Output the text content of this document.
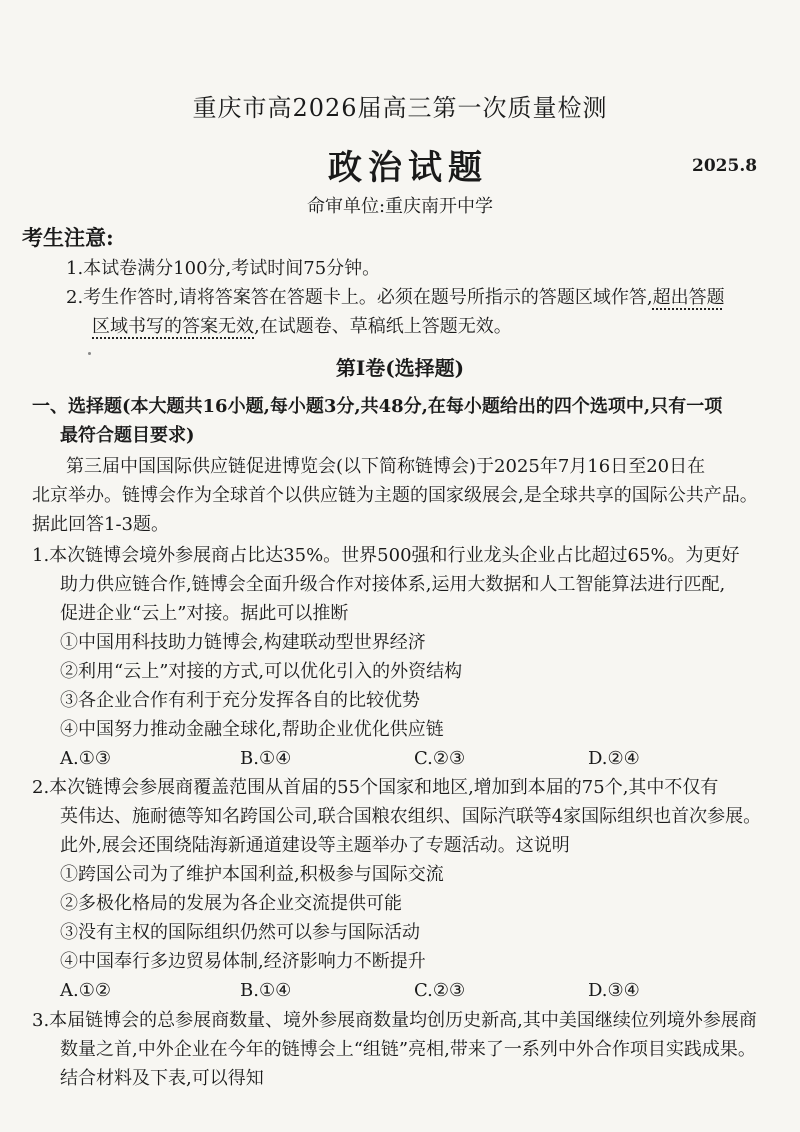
重庆市高2026届高三第一次质量检测
政治试题	2025.8
命审单位:重庆南开中学
考生注意:
1.本试卷满分100分,考试时间75分钟。
2.考生作答时,请将答案答在答题卡上。必须在题号所指示的答题区域作答,超出答题
区域书写的答案无效,在试题卷、草稿纸上答题无效。
第Ⅰ卷(选择题)
一、选择题(本大题共16小题,每小题3分,共48分,在每小题给出的四个选项中,只有一项
最符合题目要求)
第三届中国国际供应链促进博览会(以下简称链博会)于2025年7月16日至20日在
北京举办。链博会作为全球首个以供应链为主题的国家级展会,是全球共享的国际公共产品。
据此回答1-3题。
1.本次链博会境外参展商占比达35%。世界500强和行业龙头企业占比超过65%。为更好
助力供应链合作,链博会全面升级合作对接体系,运用大数据和人工智能算法进行匹配,
促进企业“云上”对接。据此可以推断
①中国用科技助力链博会,构建联动型世界经济
②利用“云上”对接的方式,可以优化引入的外资结构
③各企业合作有利于充分发挥各自的比较优势
④中国努力推动金融全球化,帮助企业优化供应链
A.①③	B.①④	C.②③	D.②④
2.本次链博会参展商覆盖范围从首届的55个国家和地区,增加到本届的75个,其中不仅有
英伟达、施耐德等知名跨国公司,联合国粮农组织、国际汽联等4家国际组织也首次参展。
此外,展会还围绕陆海新通道建设等主题举办了专题活动。这说明
①跨国公司为了维护本国利益,积极参与国际交流
②多极化格局的发展为各企业交流提供可能
③没有主权的国际组织仍然可以参与国际活动
④中国奉行多边贸易体制,经济影响力不断提升
A.①②	B.①④	C.②③	D.③④
3.本届链博会的总参展商数量、境外参展商数量均创历史新高,其中美国继续位列境外参展商
数量之首,中外企业在今年的链博会上“组链”亮相,带来了一系列中外合作项目实践成果。
结合材料及下表,可以得知
